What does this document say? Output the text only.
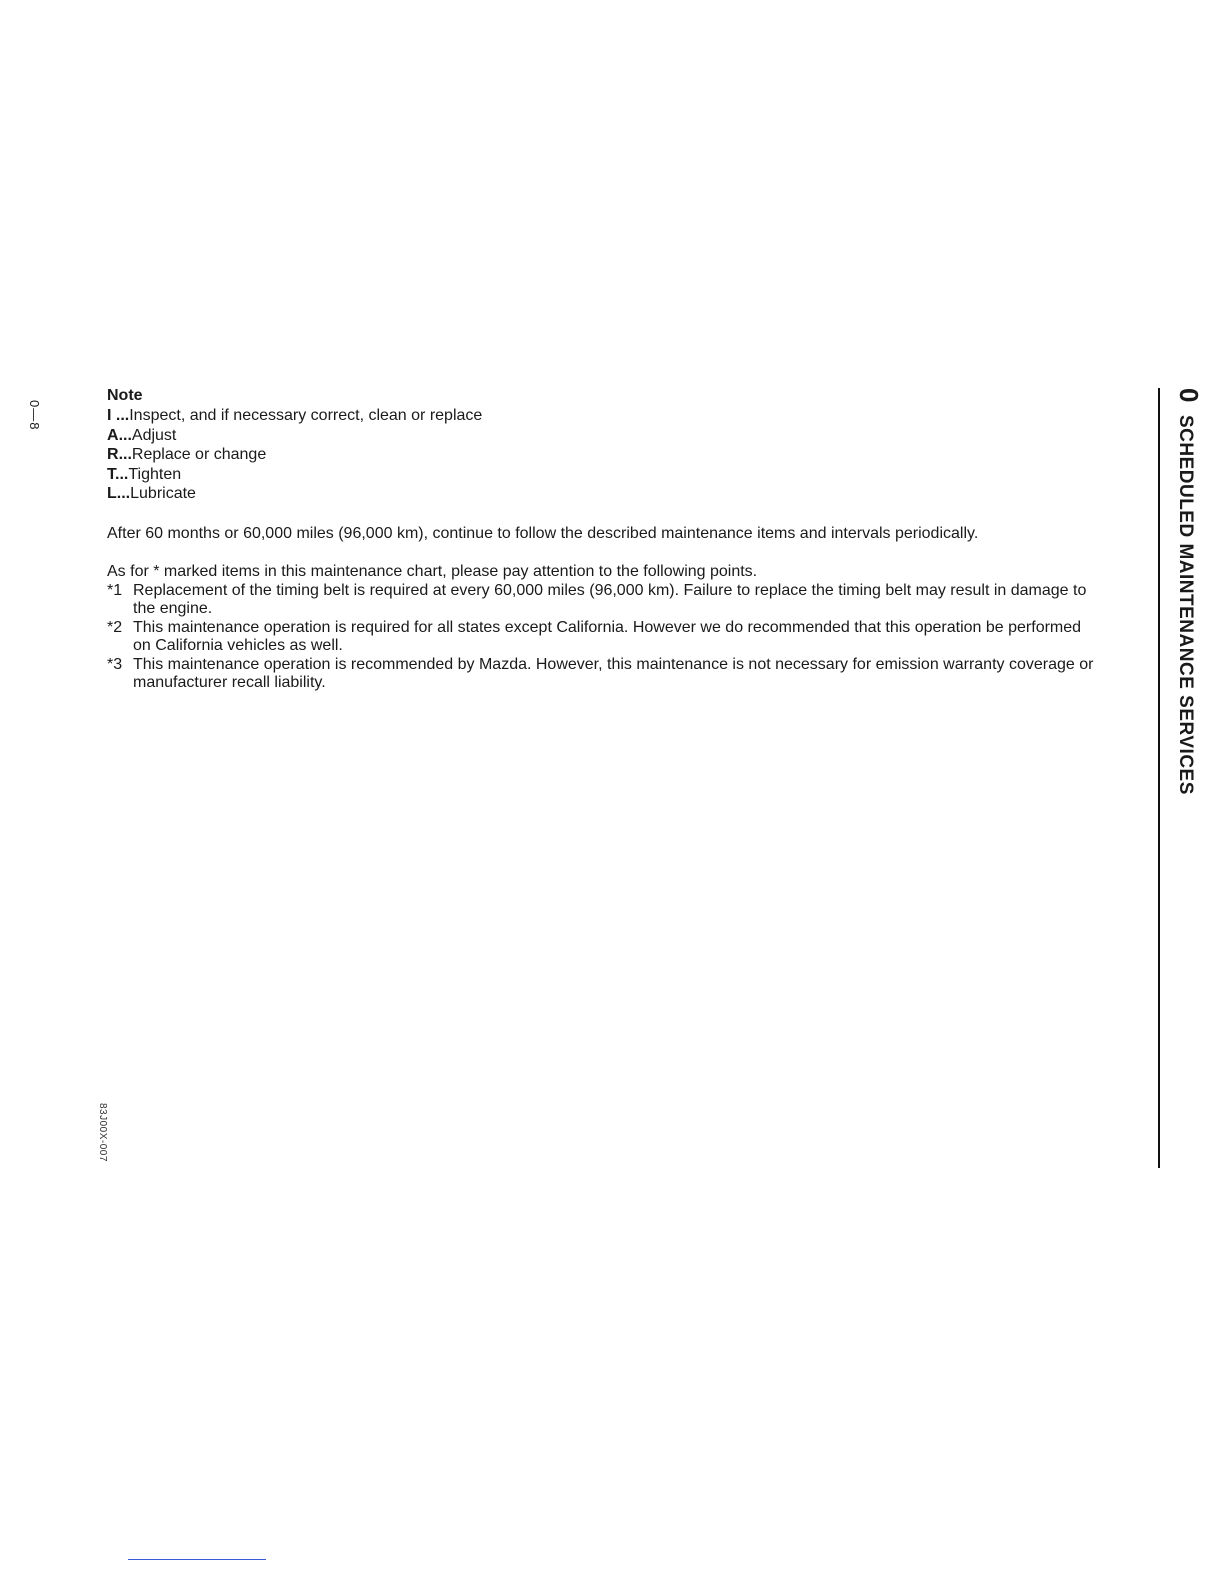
0—8
Note
I ...Inspect, and if necessary correct, clean or replace
A...Adjust
R...Replace or change
T...Tighten
L...Lubricate
After 60 months or 60,000 miles (96,000 km), continue to follow the described maintenance items and intervals periodically.
As for * marked items in this maintenance chart, please pay attention to the following points.
*1 Replacement of the timing belt is required at every 60,000 miles (96,000 km). Failure to replace the timing belt may result in damage to the engine.
*2 This maintenance operation is required for all states except California. However we do recommended that this operation be performed on California vehicles as well.
*3 This maintenance operation is recommended by Mazda. However, this maintenance is not necessary for emission warranty coverage or manufacturer recall liability.
83J00X-007
0SCHEDULED MAINTENANCE SERVICES
